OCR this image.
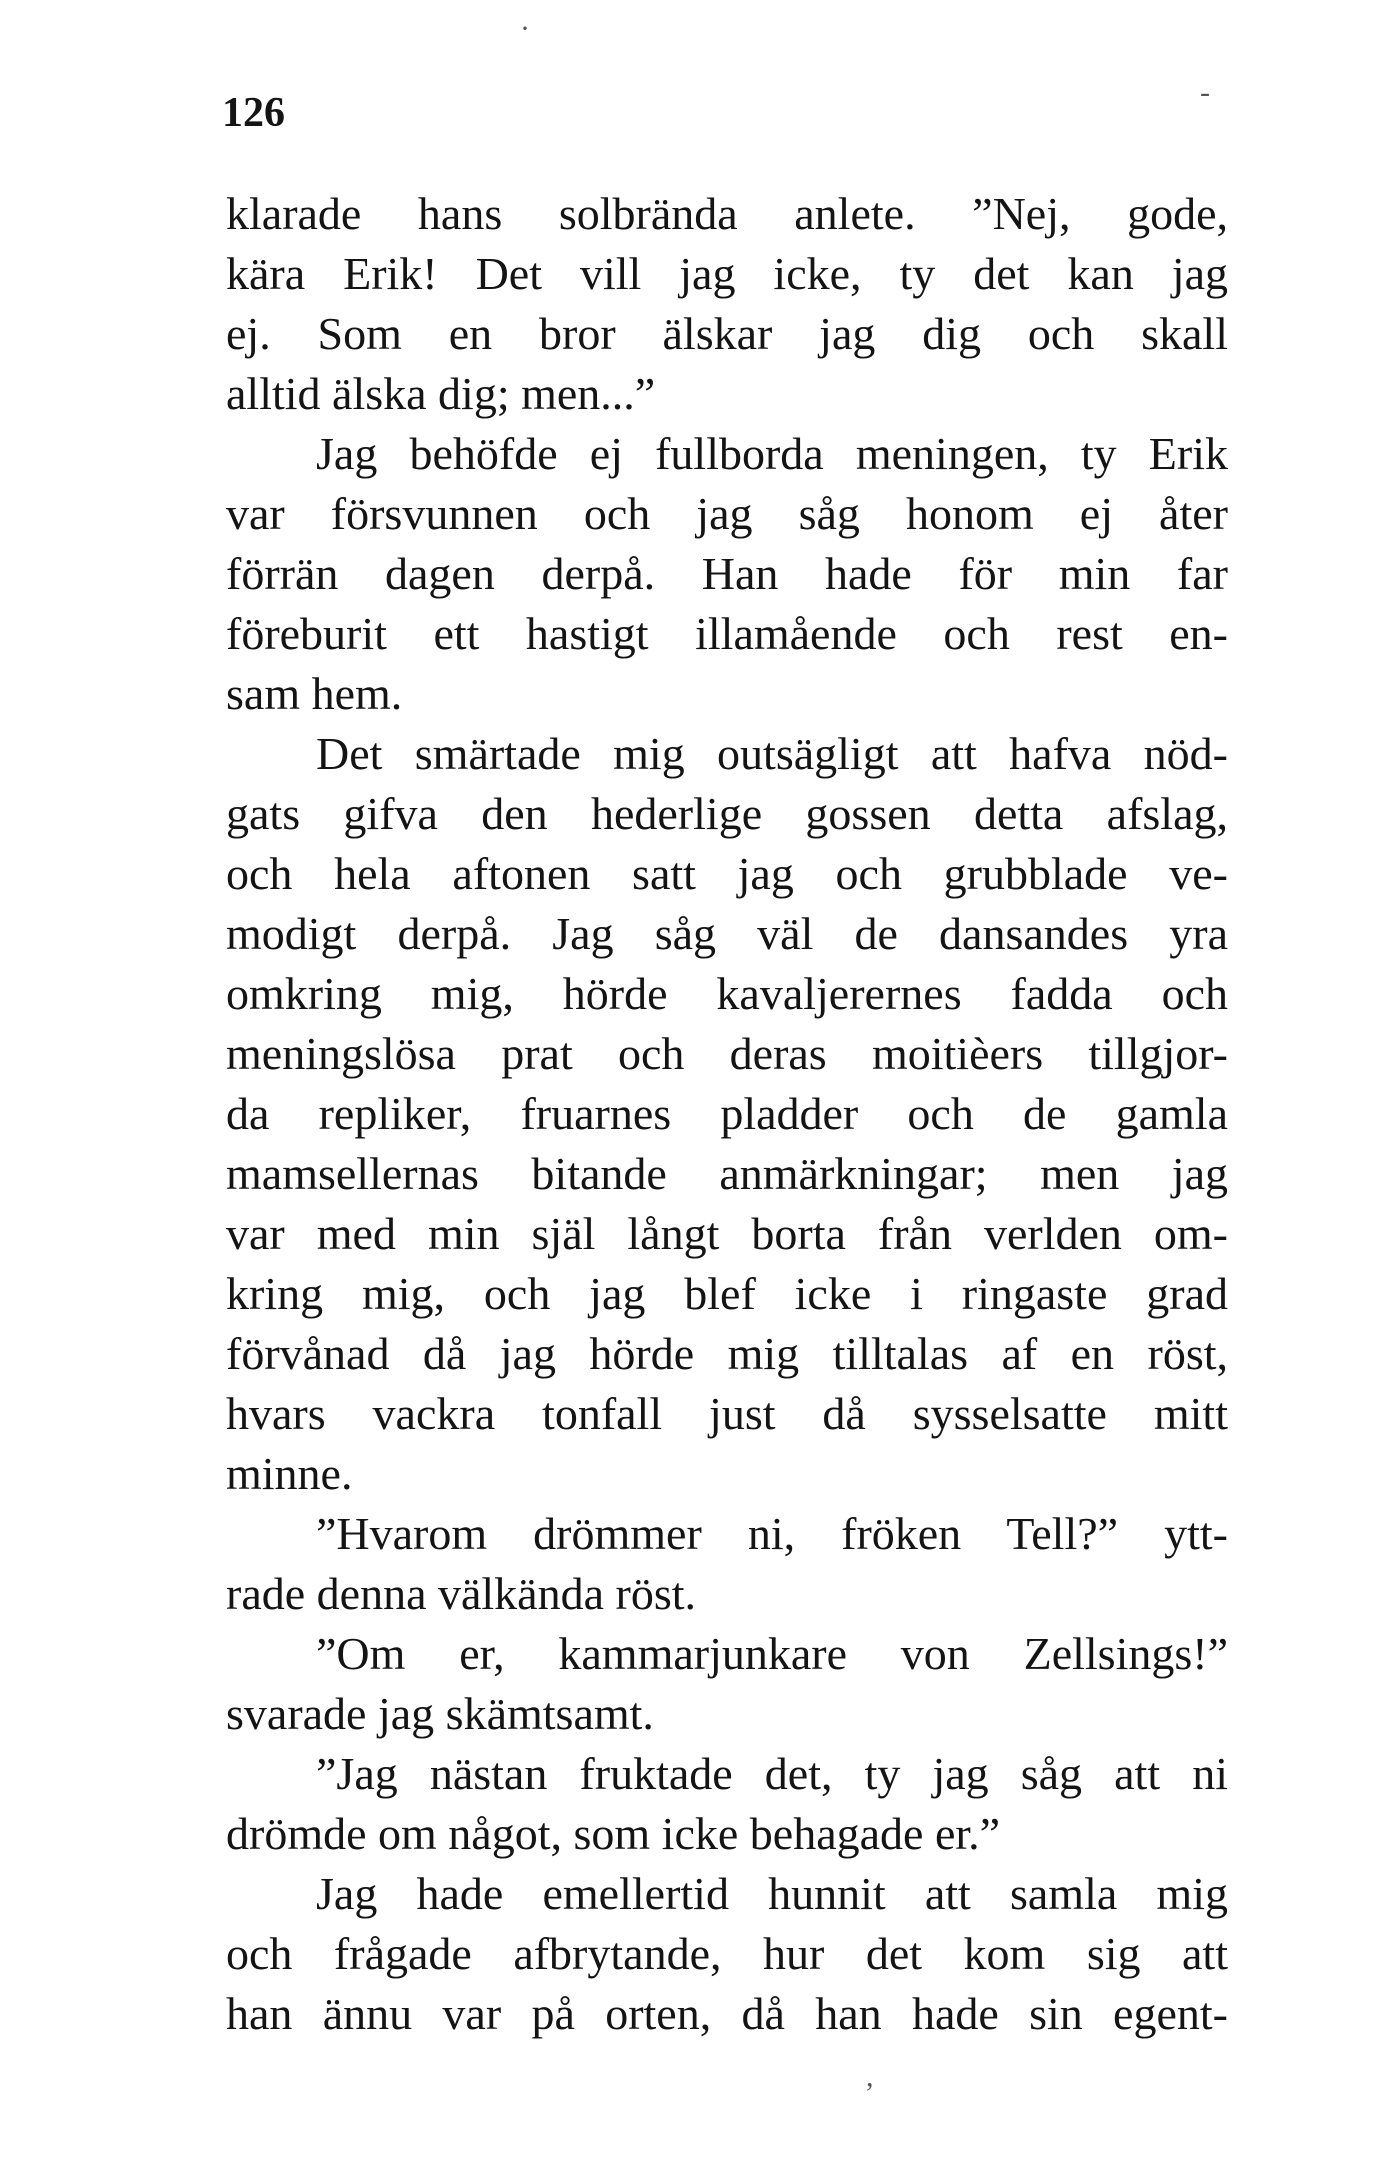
·
-
,
126
klarade hans solbrända anlete. ”Nej, gode,
kära Erik! Det vill jag icke, ty det kan jag
ej. Som en bror älskar jag dig och skall
alltid älska dig; men...”
Jag behöfde ej fullborda meningen, ty Erik
var försvunnen och jag såg honom ej åter
förrän dagen derpå. Han hade för min far
föreburit ett hastigt illamående och rest en-
sam hem.
Det smärtade mig outsägligt att hafva nöd-
gats gifva den hederlige gossen detta afslag,
och hela aftonen satt jag och grubblade ve-
modigt derpå. Jag såg väl de dansandes yra
omkring mig, hörde kavaljerernes fadda och
meningslösa prat och deras moitièers tillgjor-
da repliker, fruarnes pladder och de gamla
mamsellernas bitande anmärkningar; men jag
var med min själ långt borta från verlden om-
kring mig, och jag blef icke i ringaste grad
förvånad då jag hörde mig tilltalas af en röst,
hvars vackra tonfall just då sysselsatte mitt
minne.
”Hvarom drömmer ni, fröken Tell?” ytt-
rade denna välkända röst.
”Om er, kammarjunkare von Zellsings!”
svarade jag skämtsamt.
”Jag nästan fruktade det, ty jag såg att ni
drömde om något, som icke behagade er.”
Jag hade emellertid hunnit att samla mig
och frågade afbrytande, hur det kom sig att
han ännu var på orten, då han hade sin egent-
